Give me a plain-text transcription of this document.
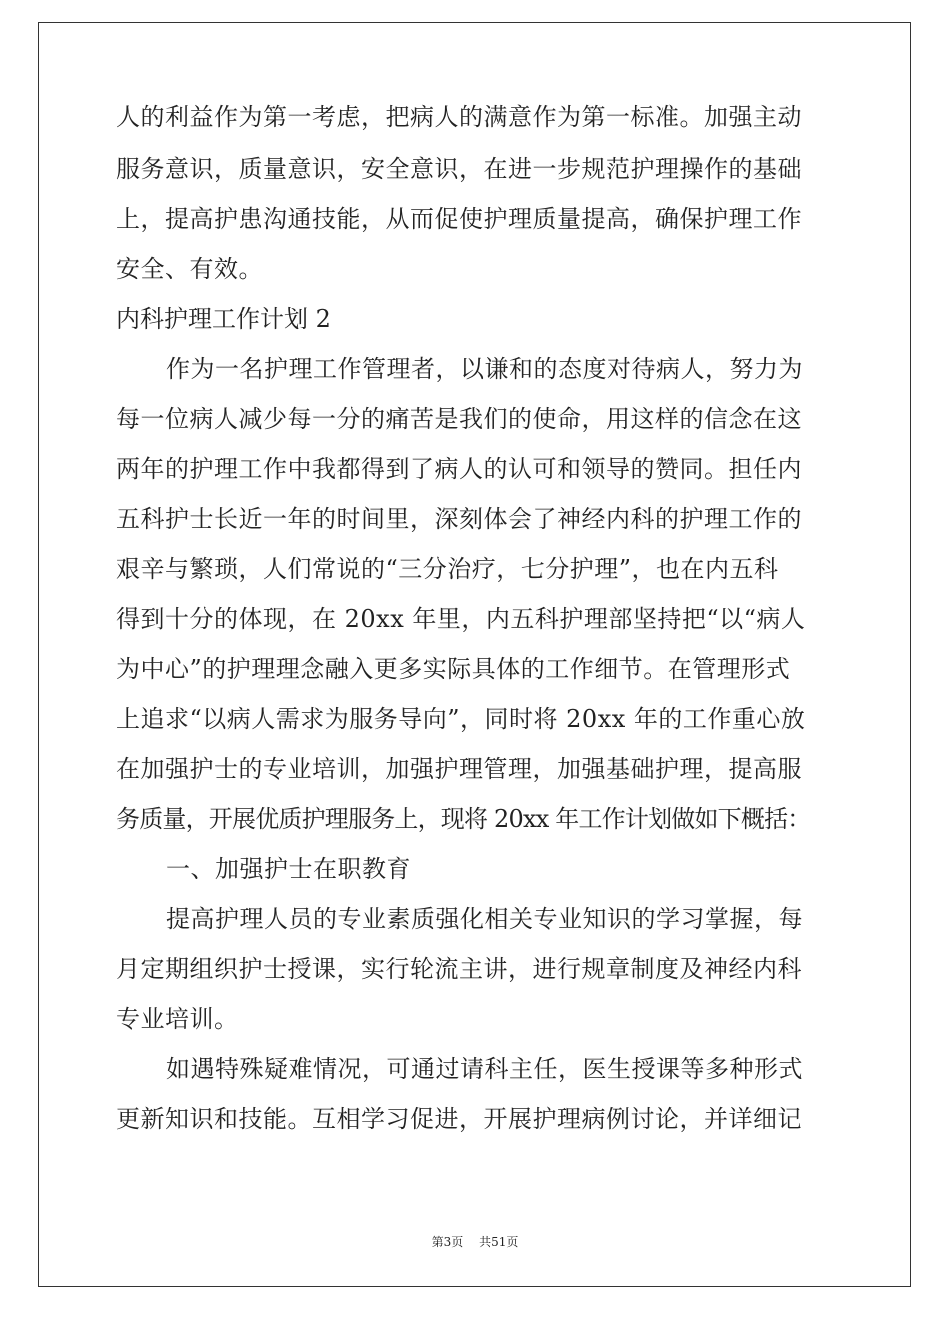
人的利益作为第一考虑，把病人的满意作为第一标准。加强主动
服务意识，质量意识，安全意识，在进一步规范护理操作的基础
上，提高护患沟通技能，从而促使护理质量提高，确保护理工作
安全、有效。
内科护理工作计划 2
作为一名护理工作管理者，以谦和的态度对待病人，努力为
每一位病人减少每一分的痛苦是我们的使命，用这样的信念在这
两年的护理工作中我都得到了病人的认可和领导的赞同。担任内
五科护士长近一年的时间里，深刻体会了神经内科的护理工作的
艰辛与繁琐，人们常说的“三分治疗，七分护理”，也在内五科
得到十分的体现，在 20xx 年里，内五科护理部坚持把“以“病人
为中心”的护理理念融入更多实际具体的工作细节。在管理形式
上追求“以病人需求为服务导向”，同时将 20xx 年的工作重心放
在加强护士的专业培训，加强护理管理，加强基础护理，提高服
务质量，开展优质护理服务上，现将 20xx 年工作计划做如下概括：
一、加强护士在职教育
提高护理人员的专业素质强化相关专业知识的学习掌握，每
月定期组织护士授课，实行轮流主讲，进行规章制度及神经内科
专业培训。
如遇特殊疑难情况，可通过请科主任，医生授课等多种形式
更新知识和技能。互相学习促进，开展护理病例讨论，并详细记
第3页 共51页
